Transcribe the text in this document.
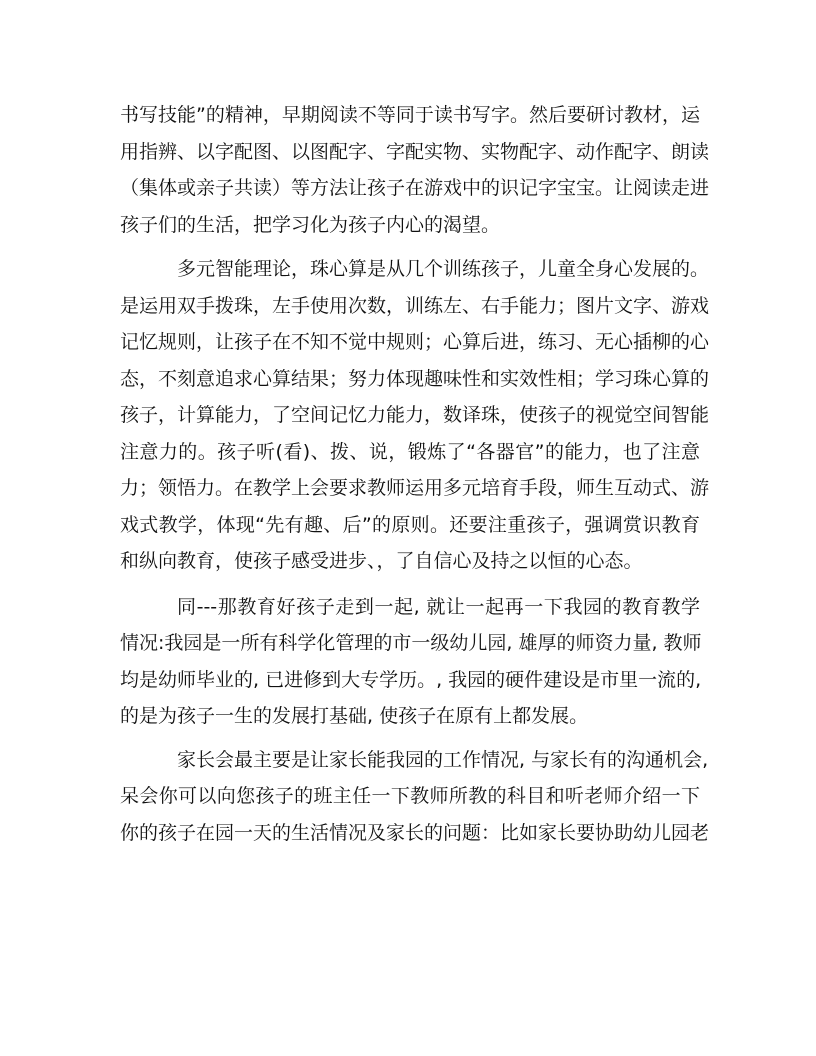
书写技能”的精神，早期阅读不等同于读书写字。然后要研讨教材，运
用指辨、以字配图、以图配字、字配实物、实物配字、动作配字、朗读
（集体或亲子共读）等方法让孩子在游戏中的识记字宝宝。让阅读走进
孩子们的生活，把学习化为孩子内心的渴望。
多元智能理论，珠心算是从几个训练孩子，儿童全身心发展的。
是运用双手拨珠，左手使用次数，训练左、右手能力；图片文字、游戏
记忆规则，让孩子在不知不觉中规则；心算后进，练习、无心插柳的心
态，不刻意追求心算结果；努力体现趣味性和实效性相；学习珠心算的
孩子，计算能力，了空间记忆力能力，数译珠，使孩子的视觉空间智能
注意力的。孩子听(看)、拨、说，锻炼了“各器官”的能力，也了注意
力；领悟力。在教学上会要求教师运用多元培育手段，师生互动式、游
戏式教学，体现“先有趣、后”的原则。还要注重孩子，强调赏识教育
和纵向教育，使孩子感受进步、，了自信心及持之以恒的心态。
同---那教育好孩子走到一起, 就让一起再一下我园的教育教学
情况:我园是一所有科学化管理的市一级幼儿园, 雄厚的师资力量, 教师
均是幼师毕业的, 已进修到大专学历。, 我园的硬件建设是市里一流的,
的是为孩子一生的发展打基础, 使孩子在原有上都发展。
家长会最主要是让家长能我园的工作情况, 与家长有的沟通机会,
呆会你可以向您孩子的班主任一下教师所教的科目和听老师介绍一下
你的孩子在园一天的生活情况及家长的问题：比如家长要协助幼儿园老
